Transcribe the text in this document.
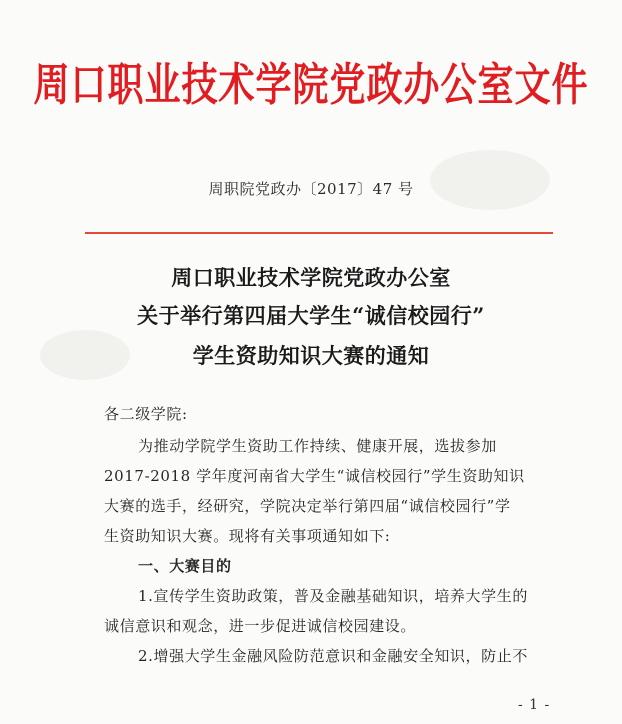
周口职业技术学院党政办公室文件
周职院党政办〔2017〕47 号
周口职业技术学院党政办公室
关于举行第四届大学生“诚信校园行”
学生资助知识大赛的通知
各二级学院:
为推动学院学生资助工作持续、健康开展，选拔参加
2017-2018 学年度河南省大学生“诚信校园行”学生资助知识
大赛的选手，经研究，学院决定举行第四届“诚信校园行”学
生资助知识大赛。现将有关事项通知如下:
一、大赛目的
1.宣传学生资助政策，普及金融基础知识，培养大学生的
诚信意识和观念，进一步促进诚信校园建设。
2.增强大学生金融风险防范意识和金融安全知识，防止不
- 1 -
